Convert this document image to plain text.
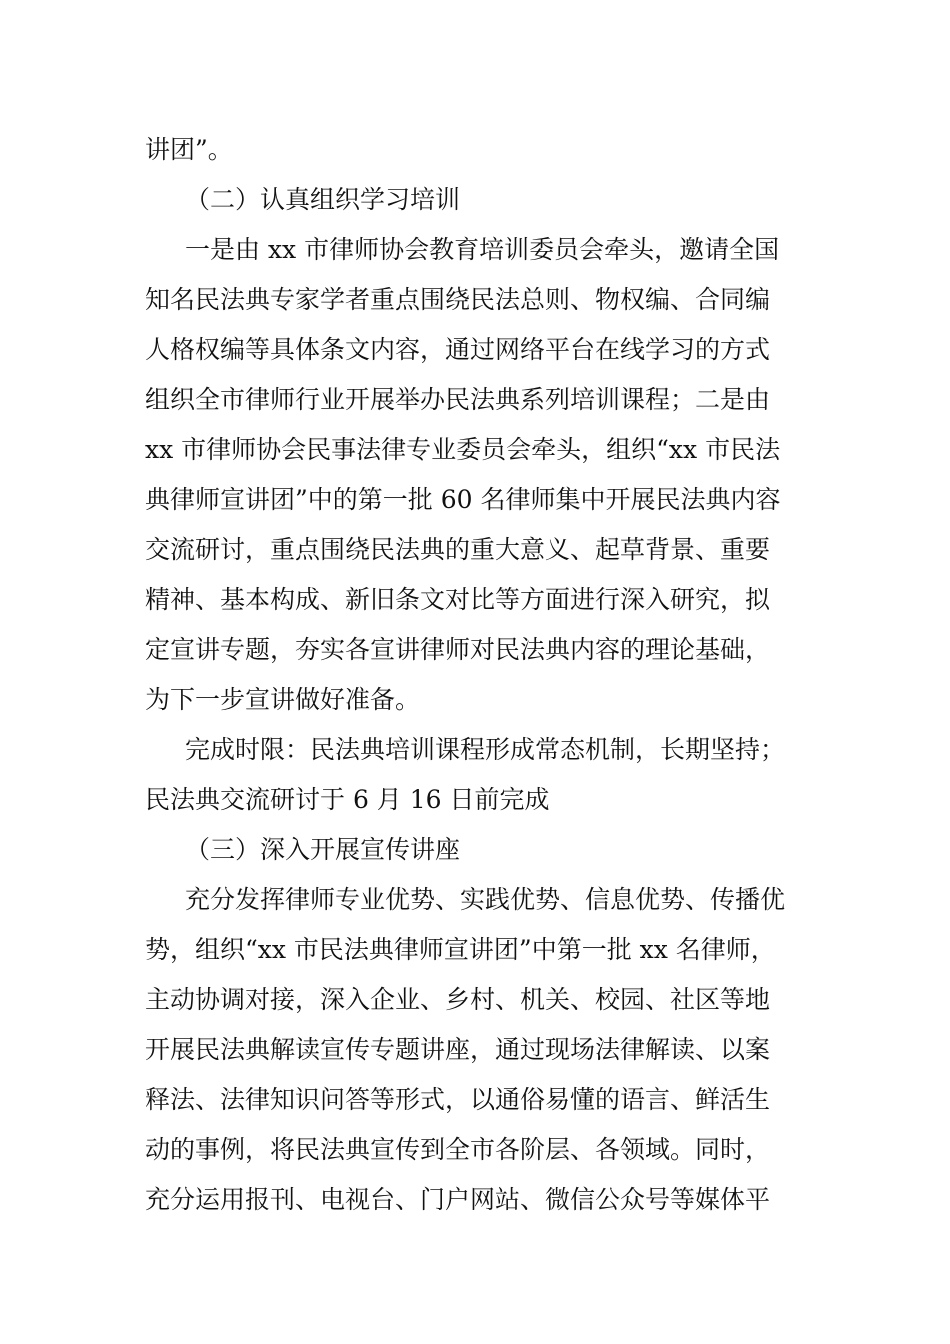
讲团”。

（二）认真组织学习培训

一是由 xx 市律师协会教育培训委员会牵头，邀请全国

知名民法典专家学者重点围绕民法总则、物权编、合同编

人格权编等具体条文内容，通过网络平台在线学习的方式

组织全市律师行业开展举办民法典系列培训课程；二是由

xx 市律师协会民事法律专业委员会牵头，组织“xx 市民法

典律师宣讲团”中的第一批 60 名律师集中开展民法典内容

交流研讨，重点围绕民法典的重大意义、起草背景、重要

精神、基本构成、新旧条文对比等方面进行深入研究，拟

定宣讲专题，夯实各宣讲律师对民法典内容的理论基础，

为下一步宣讲做好准备。

完成时限：民法典培训课程形成常态机制，长期坚持；

民法典交流研讨于 6 月 16 日前完成

（三）深入开展宣传讲座

充分发挥律师专业优势、实践优势、信息优势、传播优

势，组织“xx 市民法典律师宣讲团”中第一批 xx 名律师，

主动协调对接，深入企业、乡村、机关、校园、社区等地

开展民法典解读宣传专题讲座，通过现场法律解读、以案

释法、法律知识问答等形式，以通俗易懂的语言、鲜活生

动的事例，将民法典宣传到全市各阶层、各领域。同时，

充分运用报刊、电视台、门户网站、微信公众号等媒体平
